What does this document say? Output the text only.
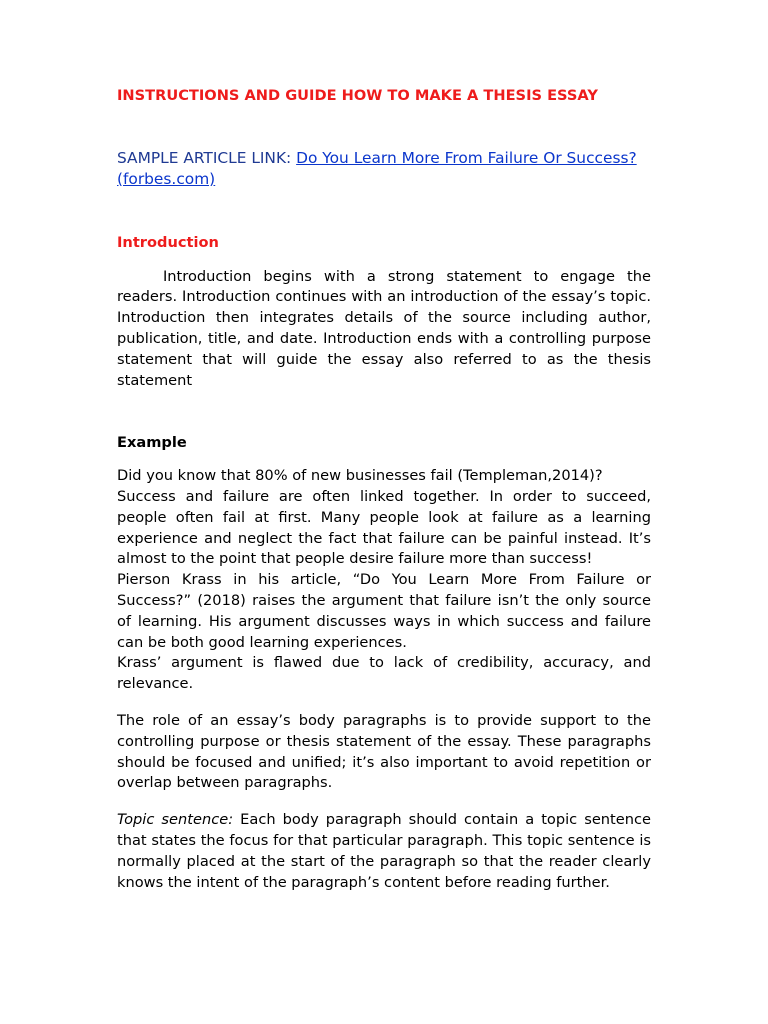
INSTRUCTIONS AND GUIDE HOW TO MAKE A THESIS ESSAY

SAMPLE ARTICLE LINK: Do You Learn More From Failure Or Success? (forbes.com)

Introduction

Introduction begins with a strong statement to engage the readers. Introduction continues with an introduction of the essay’s topic. Introduction then integrates details of the source including author, publication, title, and date. Introduction ends with a controlling purpose statement that will guide the essay also referred to as the thesis statement

Example

Did you know that 80% of new businesses fail (Templeman,2014)?

Success and failure are often linked together. In order to succeed, people often fail at first. Many people look at failure as a learning experience and neglect the fact that failure can be painful instead. It’s almost to the point that people desire failure more than success!

Pierson Krass in his article, “Do You Learn More From Failure or Success?” (2018) raises the argument that failure isn’t the only source of learning. His argument discusses ways in which success and failure can be both good learning experiences.

Krass’ argument is flawed due to lack of credibility, accuracy, and relevance.

The role of an essay’s body paragraphs is to provide support to the controlling purpose or thesis statement of the essay. These paragraphs should be focused and unified; it’s also important to avoid repetition or overlap between paragraphs.

Topic sentence: Each body paragraph should contain a topic sentence that states the focus for that particular paragraph. This topic sentence is normally placed at the start of the paragraph so that the reader clearly knows the intent of the paragraph’s content before reading further.
